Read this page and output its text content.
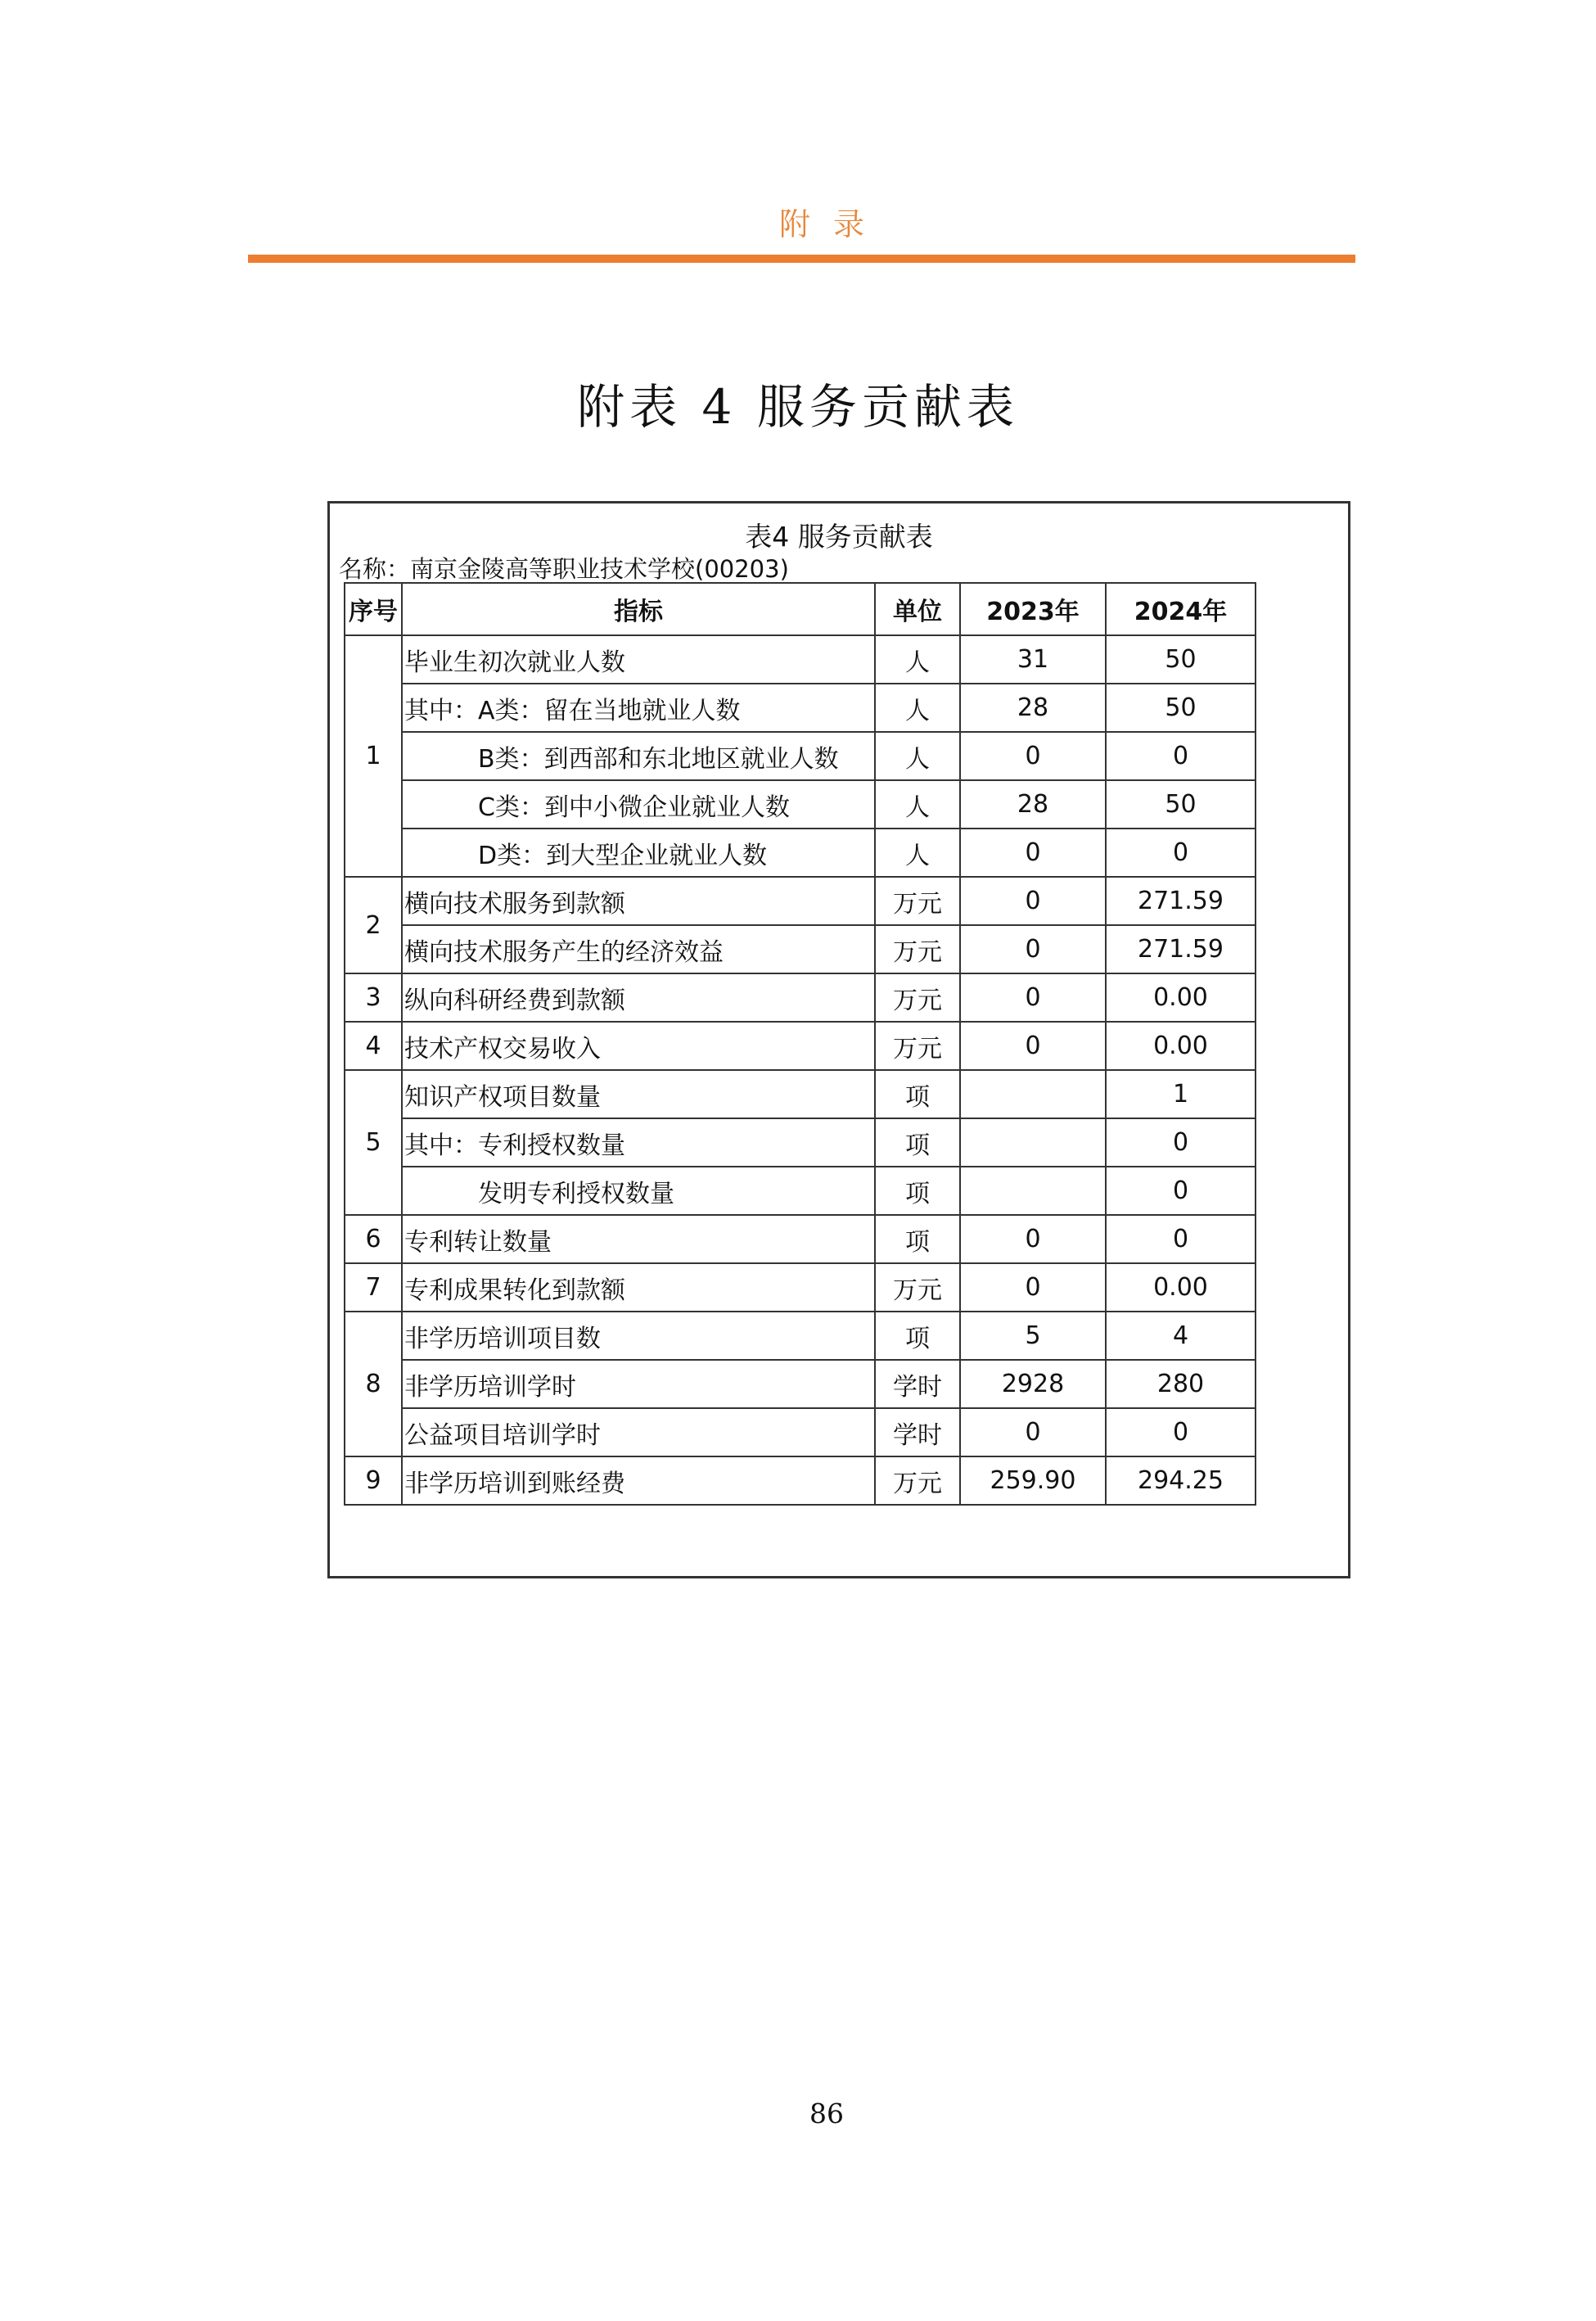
附 录
附表 4 服务贡献表
表4 服务贡献表
名称：南京金陵高等职业技术学校(00203)
序号	指标	单位	2023年	2024年
1	毕业生初次就业人数	人	31	50
	其中：A类：留在当地就业人数	人	28	50
	B类：到西部和东北地区就业人数	人	0	0
	C类：到中小微企业就业人数	人	28	50
	D类：到大型企业就业人数	人	0	0
2	横向技术服务到款额	万元	0	271.59
	横向技术服务产生的经济效益	万元	0	271.59
3	纵向科研经费到款额	万元	0	0.00
4	技术产权交易收入	万元	0	0.00
5	知识产权项目数量	项		1
	其中：专利授权数量	项		0
	发明专利授权数量	项		0
6	专利转让数量	项	0	0
7	专利成果转化到款额	万元	0	0.00
8	非学历培训项目数	项	5	4
	非学历培训学时	学时	2928	280
	公益项目培训学时	学时	0	0
9	非学历培训到账经费	万元	259.90	294.25
86
